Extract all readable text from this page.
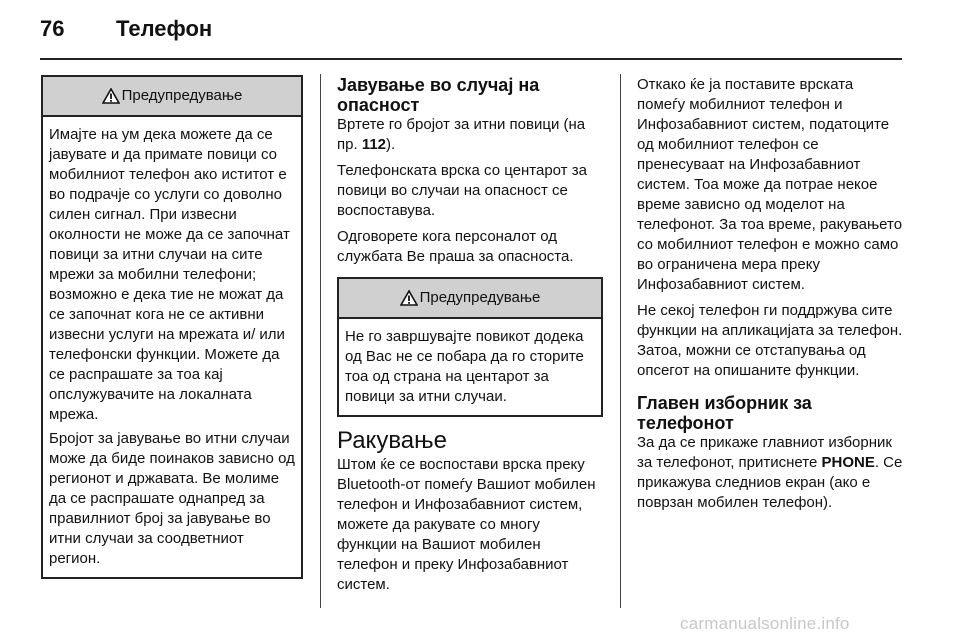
76 Телефон
Предупредување

Имајте на ум дека можете да се јавувате и да примате повици со мобилниот телефон ако иститот е во подрачје со услуги со доволно силен сигнал. При извесни околности не може да се започнат повици за итни случаи на сите мрежи за мобилни телефони; возможно е дека тие не можат да се започнат кога не се активни извесни услуги на мрежата и/ или телефонски функции. Можете да се распрашате за тоа кај опслужувачите на локалната мрежа.

Бројот за јавување во итни случаи може да биде поинаков зависно од регионот и државата. Ве молиме да се распрашате однапред за правилниот број за јавување во итни случаи за соодветниот регион.

Јавување во случај на опасност

Вртете го бројот за итни повици (на пр. 112).

Телефонската врска со центарот за повици во случаи на опасност се воспоставува.

Одговорете кога персоналот од службата Ве праша за опасноста.

Предупредување

Не го завршувајте повикот додека од Вас не се побара да го сторите тоа од страна на центарот за повици за итни случаи.

Ракување

Штом ќе се воспостави врска преку Bluetooth-от помеѓу Вашиот мобилен телефон и Инфозабавниот систем, можете да ракувате со многу функции на Вашиот мобилен телефон и преку Инфозабавниот систем.

Откако ќе ја поставите врската помеѓу мобилниот телефон и Инфозабавниот систем, податоците од мобилниот телефон се пренесуваат на Инфозабавниот систем. Тоа може да потрае некое време зависно од моделот на телефонот. За тоа време, ракувањето со мобилниот телефон е можно само во ограничена мера преку Инфозабавниот систем.

Не секој телефон ги поддржува сите функции на апликацијата за телефон. Затоа, можни се отстапувања од опсегот на опишаните функции.

Главен изборник за телефонот

За да се прикаже главниот изборник за телефонот, притиснете PHONE. Се прикажува следниов екран (ако е поврзан мобилен телефон).

carmanualsonline.info
